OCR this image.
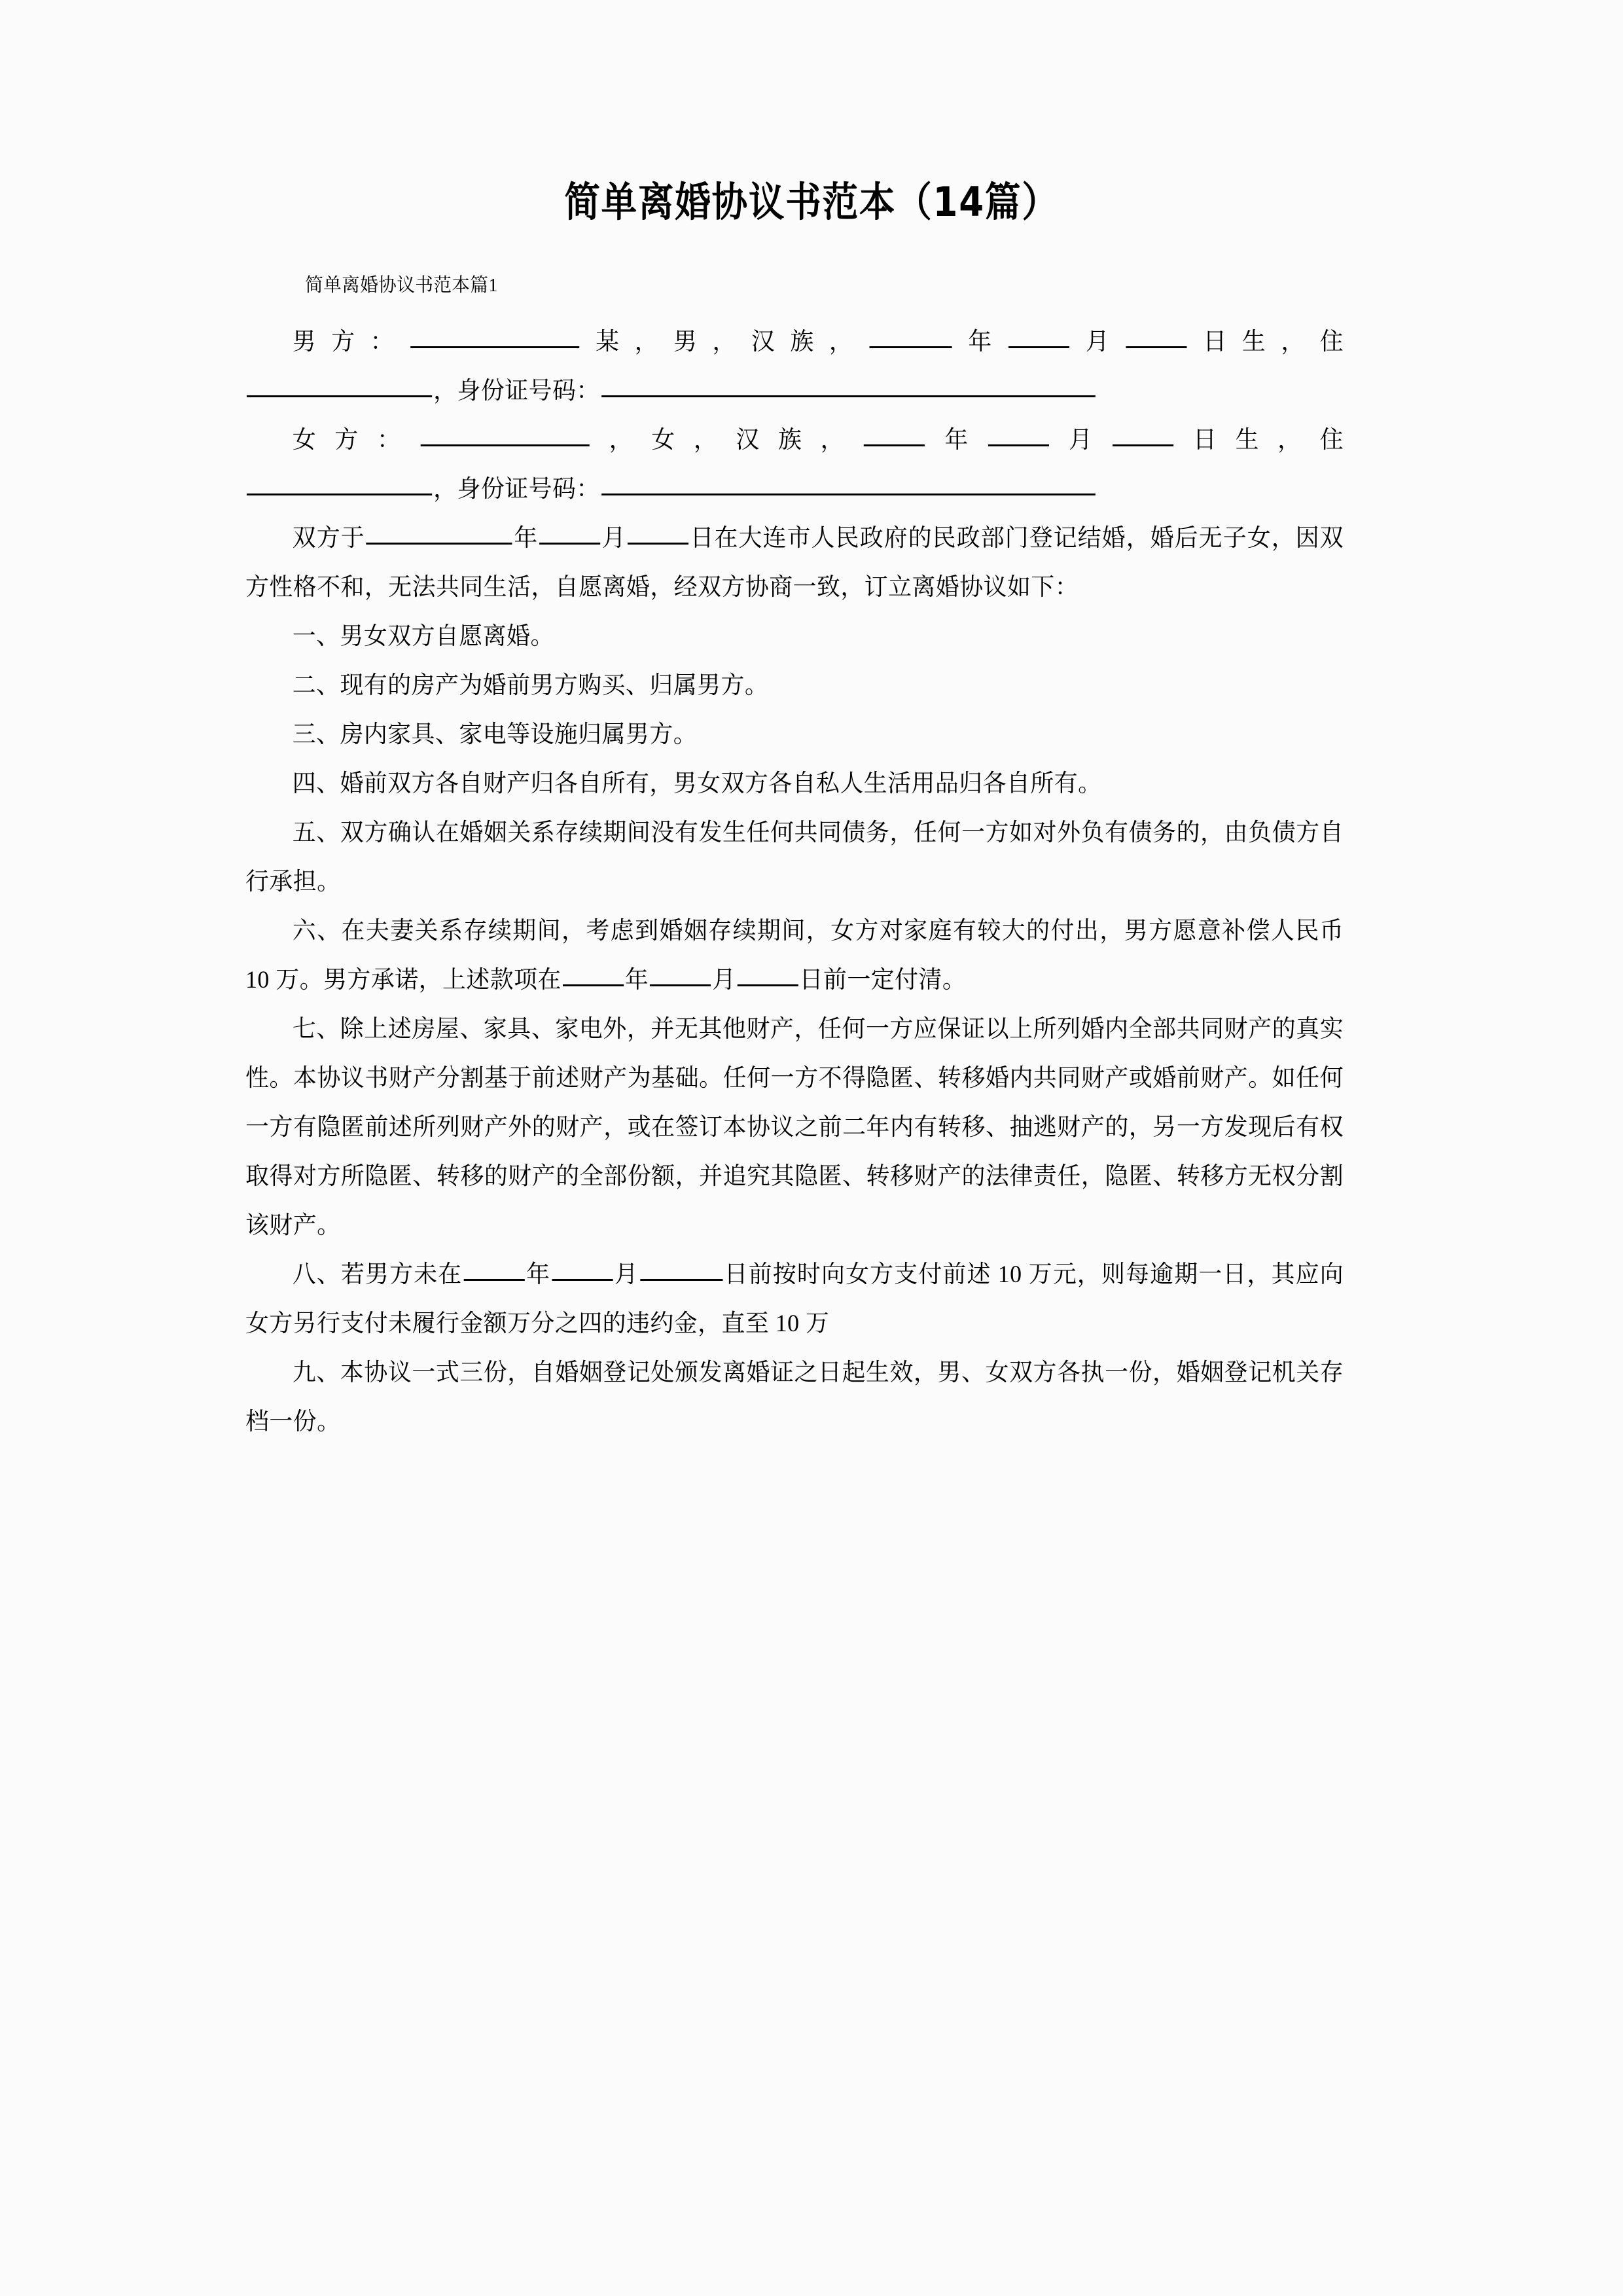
简单离婚协议书范本（14篇）

简单离婚协议书范本篇1

男方：	某，男，汉族，	年	月	日生，住

，身份证号码：

女方：	，女，汉族，	年	月	日生，住

，身份证号码：

双方于	年	月	日在大连市人民政府的民政部门登记结婚，婚后无子女，因双方性格不和，无法共同生活，自愿离婚，经双方协商一致，订立离婚协议如下：

一、男女双方自愿离婚。

二、现有的房产为婚前男方购买、归属男方。

三、房内家具、家电等设施归属男方。

四、婚前双方各自财产归各自所有，男女双方各自私人生活用品归各自所有。

五、双方确认在婚姻关系存续期间没有发生任何共同债务，任何一方如对外负有债务的，由负债方自行承担。

六、在夫妻关系存续期间，考虑到婚姻存续期间，女方对家庭有较大的付出，男方愿意补偿人民币 10 万。男方承诺，上述款项在	年	月	日前一定付清。

七、除上述房屋、家具、家电外，并无其他财产，任何一方应保证以上所列婚内全部共同财产的真实性。本协议书财产分割基于前述财产为基础。任何一方不得隐匿、转移婚内共同财产或婚前财产。如任何一方有隐匿前述所列财产外的财产，或在签订本协议之前二年内有转移、抽逃财产的，另一方发现后有权取得对方所隐匿、转移的财产的全部份额，并追究其隐匿、转移财产的法律责任，隐匿、转移方无权分割该财产。

八、若男方未在	年	月	日前按时向女方支付前述 10 万元，则每逾期一日，其应向女方另行支付未履行金额万分之四的违约金，直至 10 万

九、本协议一式三份，自婚姻登记处颁发离婚证之日起生效，男、女双方各执一份，婚姻登记机关存档一份。
